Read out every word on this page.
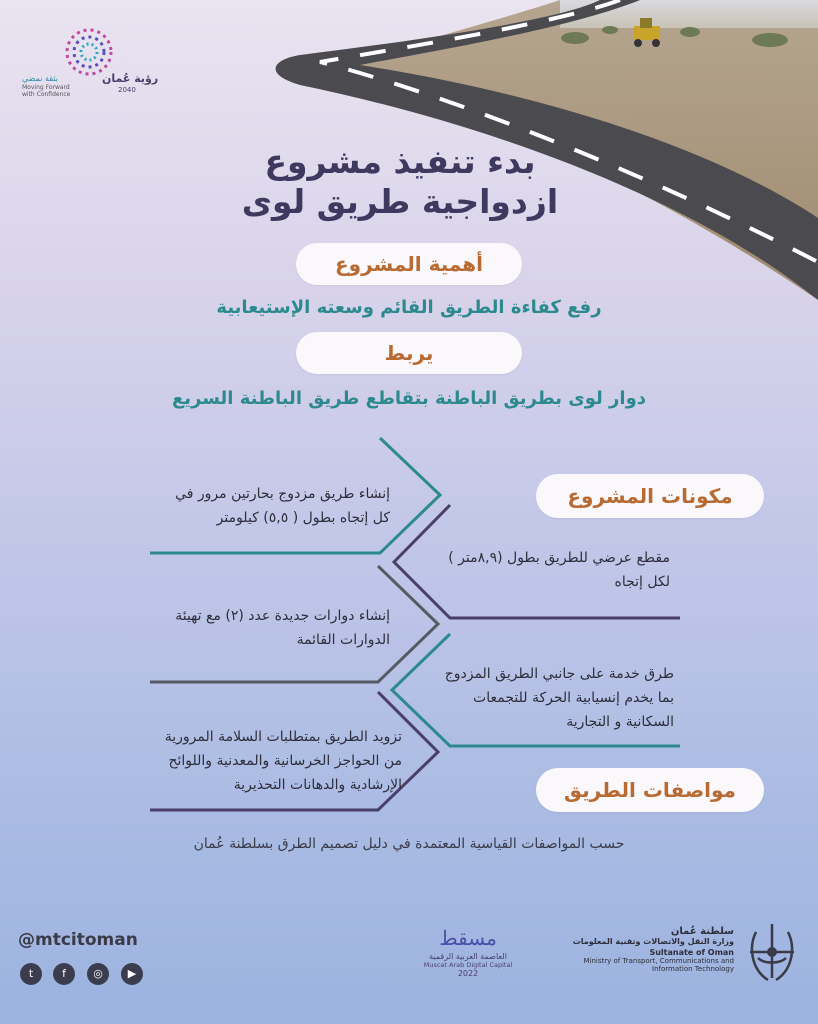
رؤية عُمان
2040
بثقة نمضي
Moving Forward
with Confidence
بدء تنفيذ مشروع
ازدواجية طريق لوى
أهمية المشروع
رفع كفاءة الطريق القائم وسعته الإستيعابية
يربط
دوار لوى بطريق الباطنة بتقاطع طريق الباطنة السريع
مكونات المشروع
إنشاء طريق مزدوج بحارتين مرور في
كل إتجاه بطول ( ٥,٥) كيلومتر
مقطع عرضي للطريق بطول (٨,٩متر )
لكل إتجاه
إنشاء دوارات جديدة عدد (٢) مع تهيئة
الدوارات القائمة
طرق خدمة على جانبي الطريق المزدوج
بما يخدم إنسيابية الحركة للتجمعات
السكانية و التجارية
تزويد الطريق بمتطلبات السلامة المرورية
من الحواجز الخرسانية والمعدنية واللوائح
الإرشادية والدهانات التحذيرية	مواصفات الطريق
حسب المواصفات القياسية المعتمدة في دليل تصميم الطرق بسلطنة عُمان
@mtcitoman
t	f	◎	▶
مسقط
العاصمة العربية الرقمية
Muscat Arab Digital Capital
2022
سلطنة عُمان
وزارة النقل والاتصالات وتقنية المعلومات
Sultanate of Oman
Ministry of Transport, Communications and
Information Technology
